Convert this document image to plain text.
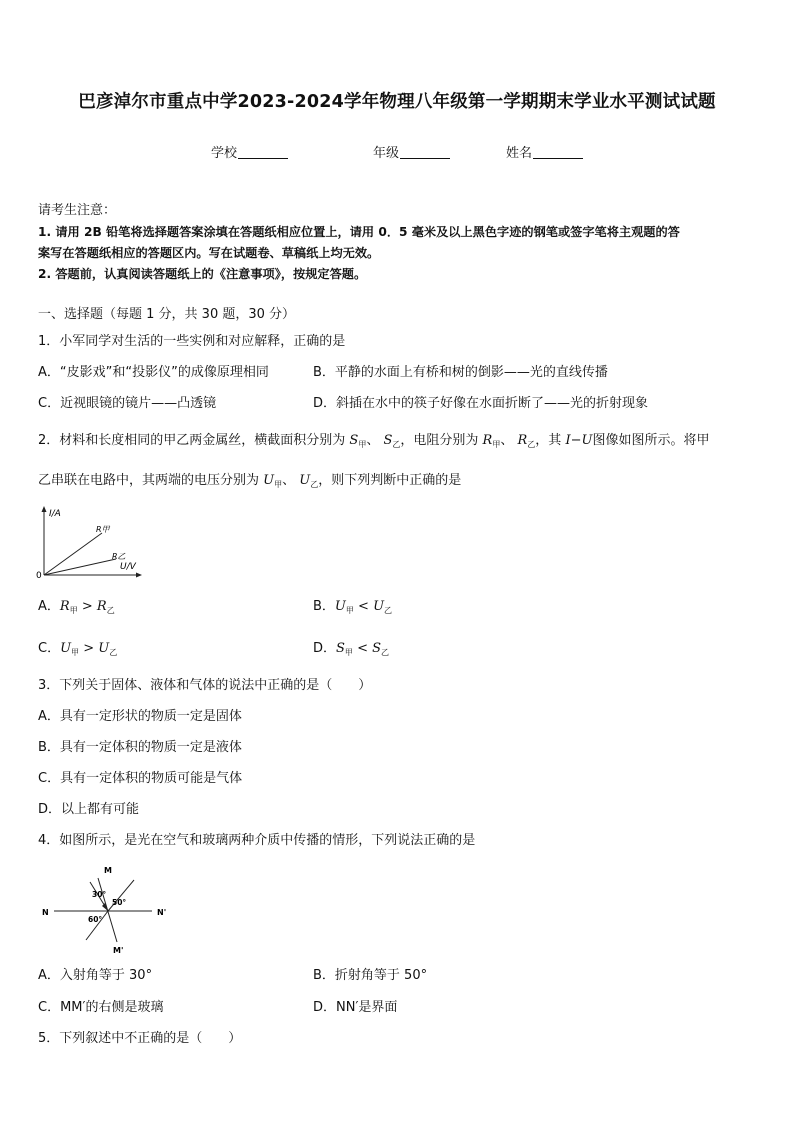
巴彦淖尔市重点中学2023-2024学年物理八年级第一学期期末学业水平测试试题
学校	年级	姓名
请考生注意：
1. 请用 2B 铅笔将选择题答案涂填在答题纸相应位置上，请用 0．5 毫米及以上黑色字迹的钢笔或签字笔将主观题的答
案写在答题纸相应的答题区内。写在试题卷、草稿纸上均无效。
2. 答题前，认真阅读答题纸上的《注意事项》，按规定答题。
一、选择题（每题 1 分，共 30 题，30 分）
1．小军同学对生活的一些实例和对应解释，正确的是
A．“皮影戏”和“投影仪”的成像原理相同	B．平静的水面上有桥和树的倒影——光的直线传播
C．近视眼镜的镜片——凸透镜	D．斜插在水中的筷子好像在水面折断了——光的折射现象
2．材料和长度相同的甲乙两金属丝，横截面积分别为 $S_甲$、 $S_乙$，电阻分别为 $R_甲$、 $R_乙$，其 I−U图像如图所示。将甲
乙串联在电路中，其两端的电压分别为 $U_甲$、 $U_乙$，则下列判断中正确的是
I/A
U/V
0
R甲
R乙
A．$R_甲 > R_乙$	B．$U_甲 < U_乙$
C．$U_甲 > U_乙$	D．$S_甲 < S_乙$
3．下列关于固体、液体和气体的说法中正确的是（　　）
A．具有一定形状的物质一定是固体
B．具有一定体积的物质一定是液体
C．具有一定体积的物质可能是气体
D．以上都有可能
4．如图所示，是光在空气和玻璃两种介质中传播的情形，下列说法正确的是
M
M'
N	N'
30°
50°
60°
A．入射角等于 30°	B．折射角等于 50°
C．MM′的右侧是玻璃	D．NN′是界面
5．下列叙述中不正确的是（　　）
